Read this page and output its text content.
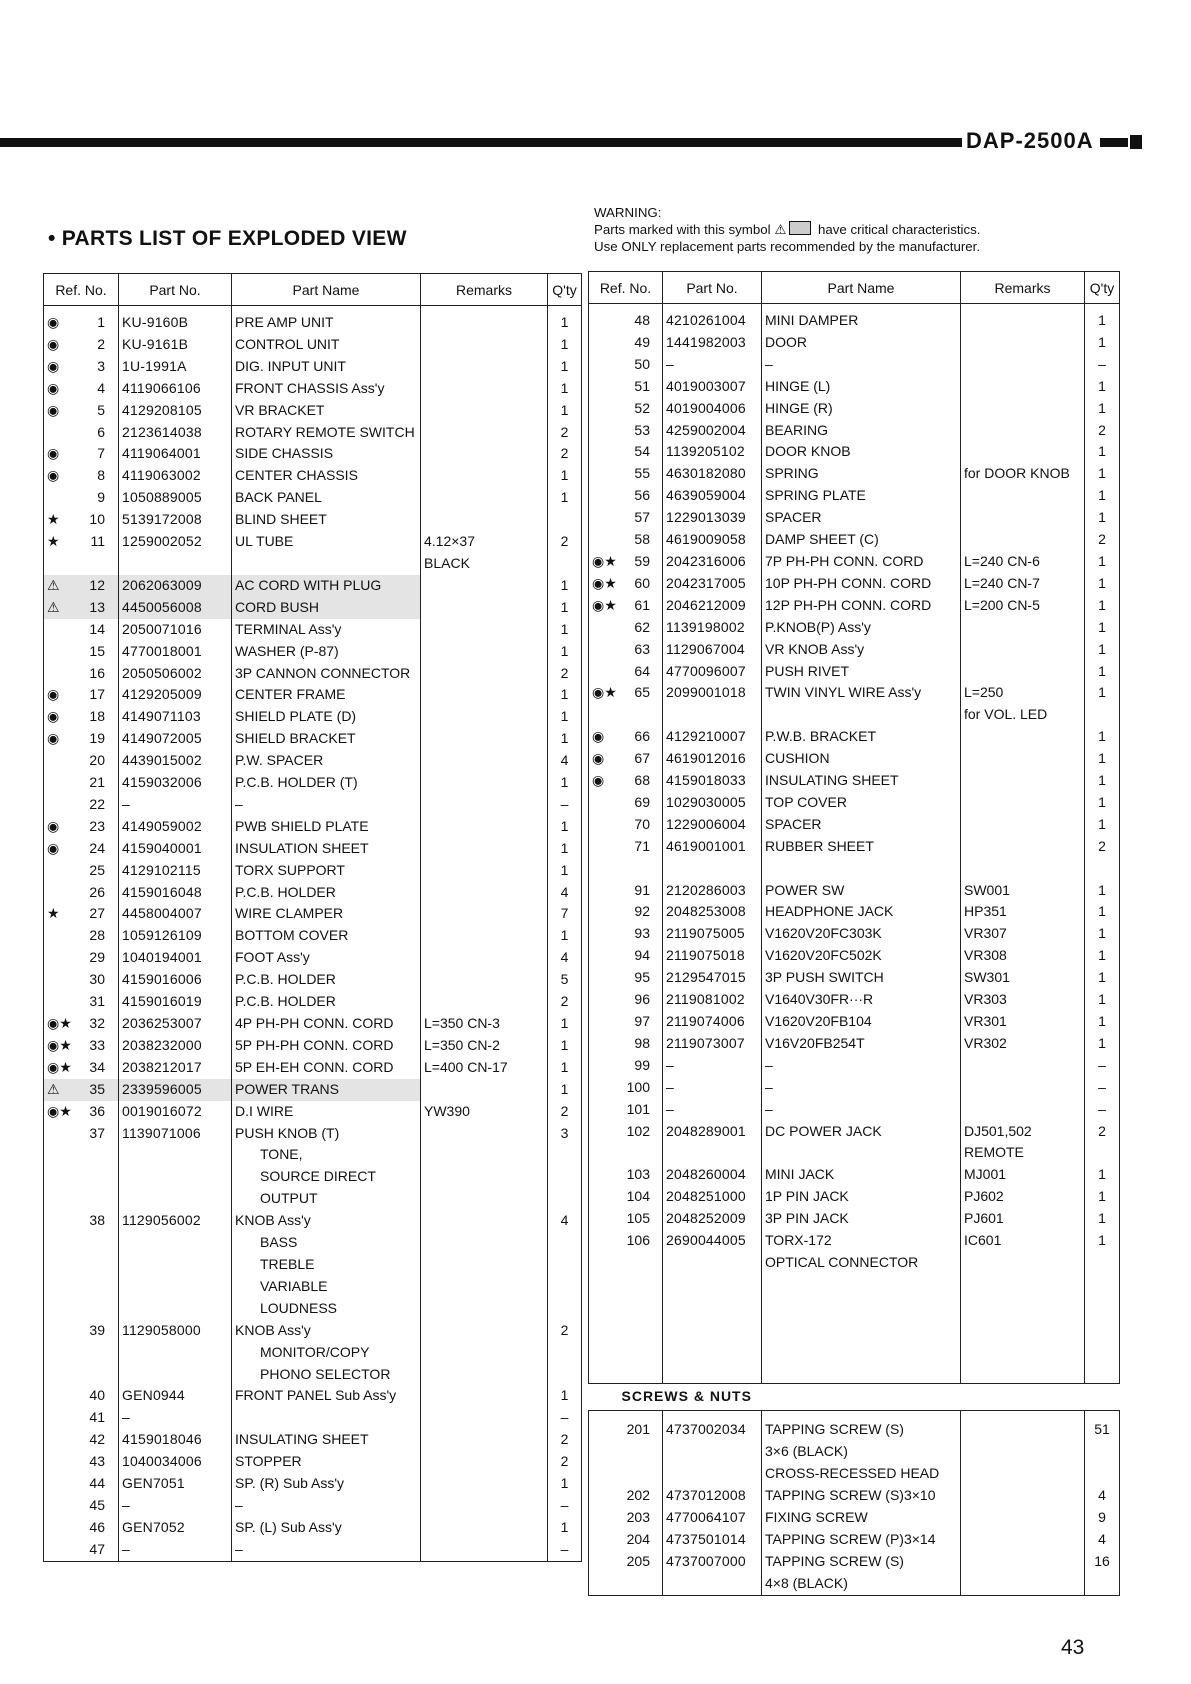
DAP-2500A
• PARTS LIST OF EXPLODED VIEW
WARNING:
Parts marked with this symbol ⚠ have critical characteristics.
Use ONLY replacement parts recommended by the manufacturer.
Ref. No.	Part No.	Part Name	Remarks	Q'ty
◉ 1	KU-9160B	PRE AMP UNIT		1
◉ 2	KU-9161B	CONTROL UNIT		1
◉ 3	1U-1991A	DIG. INPUT UNIT		1
◉ 4	4119066106	FRONT CHASSIS Ass'y		1
◉ 5	4129208105	VR BRACKET		1
6	2123614038	ROTARY REMOTE SWITCH		2
◉ 7	4119064001	SIDE CHASSIS		2
◉ 8	4119063002	CENTER CHASSIS		1
9	1050889005	BACK PANEL		1
★ 10	5139172008	BLIND SHEET		
★ 11	1259002052	UL TUBE	4.12×37	2
			BLACK	
⚠ 12	2062063009	AC CORD WITH PLUG		1
⚠ 13	4450056008	CORD BUSH		1
14	2050071016	TERMINAL Ass'y		1
15	4770018001	WASHER (P-87)		1
16	2050506002	3P CANNON CONNECTOR		2
◉ 17	4129205009	CENTER FRAME		1
◉ 18	4149071103	SHIELD PLATE (D)		1
◉ 19	4149072005	SHIELD BRACKET		1
20	4439015002	P.W. SPACER		4
21	4159032006	P.C.B. HOLDER (T)		1
22	–	–		–
◉ 23	4149059002	PWB SHIELD PLATE		1
◉ 24	4159040001	INSULATION SHEET		1
25	4129102115	TORX SUPPORT		1
26	4159016048	P.C.B. HOLDER		4
★ 27	4458004007	WIRE CLAMPER		7
28	1059126109	BOTTOM COVER		1
29	1040194001	FOOT Ass'y		4
30	4159016006	P.C.B. HOLDER		5
31	4159016019	P.C.B. HOLDER		2
◉★ 32	2036253007	4P PH-PH CONN. CORD	L=350 CN-3	1
◉★ 33	2038232000	5P PH-PH CONN. CORD	L=350 CN-2	1
◉★ 34	2038212017	5P EH-EH CONN. CORD	L=400 CN-17	1
⚠ 35	2339596005	POWER TRANS		1
◉★ 36	0019016072	D.I WIRE	YW390	2
37	1139071006	PUSH KNOB (T)		3
		TONE,		
		SOURCE DIRECT		
		OUTPUT		
38	1129056002	KNOB Ass'y		4
		BASS		
		TREBLE		
		VARIABLE		
		LOUDNESS		
39	1129058000	KNOB Ass'y		2
		MONITOR/COPY		
		PHONO SELECTOR		
40	GEN0944	FRONT PANEL Sub Ass'y		1
41	–			–
42	4159018046	INSULATING SHEET		2
43	1040034006	STOPPER		2
44	GEN7051	SP. (R) Sub Ass'y		1
45	–	–		–
46	GEN7052	SP. (L) Sub Ass'y		1
47	–	–		–
Ref. No.	Part No.	Part Name	Remarks	Q'ty
48	4210261004	MINI DAMPER		1
49	1441982003	DOOR		1
50	–	–		–
51	4019003007	HINGE (L)		1
52	4019004006	HINGE (R)		1
53	4259002004	BEARING		2
54	1139205102	DOOR KNOB		1
55	4630182080	SPRING	for DOOR KNOB	1
56	4639059004	SPRING PLATE		1
57	1229013039	SPACER		1
58	4619009058	DAMP SHEET (C)		2
◉★ 59	2042316006	7P PH-PH CONN. CORD	L=240 CN-6	1
◉★ 60	2042317005	10P PH-PH CONN. CORD	L=240 CN-7	1
◉★ 61	2046212009	12P PH-PH CONN. CORD	L=200 CN-5	1
62	1139198002	P.KNOB(P) Ass'y		1
63	1129067004	VR KNOB Ass'y		1
64	4770096007	PUSH RIVET		1
◉★ 65	2099001018	TWIN VINYL WIRE Ass'y	L=250	1
			for VOL. LED	
◉ 66	4129210007	P.W.B. BRACKET		1
◉ 67	4619012016	CUSHION		1
◉ 68	4159018033	INSULATING SHEET		1
69	1029030005	TOP COVER		1
70	1229006004	SPACER		1
71	4619001001	RUBBER SHEET		2

91	2120286003	POWER SW	SW001	1
92	2048253008	HEADPHONE JACK	HP351	1
93	2119075005	V1620V20FC303K	VR307	1
94	2119075018	V1620V20FC502K	VR308	1
95	2129547015	3P PUSH SWITCH	SW301	1
96	2119081002	V1640V30FR···R	VR303	1
97	2119074006	V1620V20FB104	VR301	1
98	2119073007	V16V20FB254T	VR302	1
99	–	–		–
100	–	–		–
101	–	–		–
102	2048289001	DC POWER JACK	DJ501,502	2
			REMOTE	
103	2048260004	MINI JACK	MJ001	1
104	2048251000	1P PIN JACK	PJ602	1
105	2048252009	3P PIN JACK	PJ601	1
106	2690044005	TORX-172	IC601	1
		OPTICAL CONNECTOR		

SCREWS & NUTS				
201	4737002034	TAPPING SCREW (S)		51
		3×6 (BLACK)		
		CROSS-RECESSED HEAD		
202	4737012008	TAPPING SCREW (S)3×10		4
203	4770064107	FIXING SCREW		9
204	4737501014	TAPPING SCREW (P)3×14		4
205	4737007000	TAPPING SCREW (S)		16
		4×8 (BLACK)		
43
